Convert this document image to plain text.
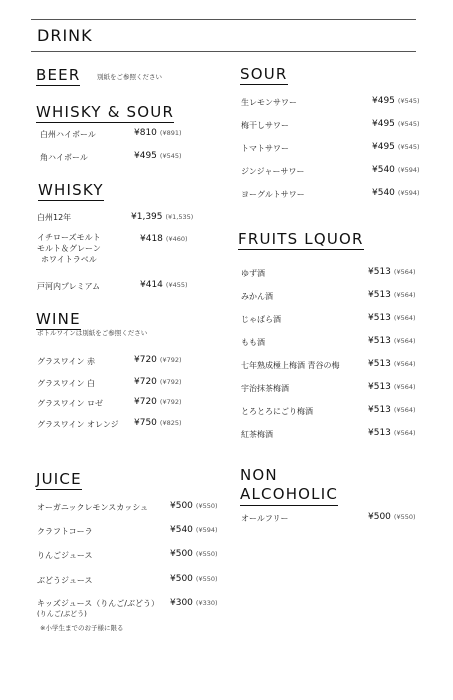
DRINK
BEER	別紙をご参照ください
WHISKY & SOUR
白州ハイボール	¥810 (¥891)
角ハイボール	¥495 (¥545)
WHISKY
白州12年	¥1,395 (¥1,535)
イチローズモルト
モルト＆グレーン
ホワイトラベル
¥418 (¥460)
戸河内プレミアム	¥414 (¥455)
WINE
ボトルワインは別紙をご参照ください
グラスワイン 赤	¥720 (¥792)
グラスワイン 白	¥720 (¥792)
グラスワイン ロゼ	¥720 (¥792)
グラスワイン オレンジ ¥750 (¥825)
SOUR
生レモンサワー	¥495 (¥545)
梅干しサワー	¥495 (¥545)
トマトサワー	¥495 (¥545)
ジンジャーサワー	¥540 (¥594)
ヨーグルトサワー	¥540 (¥594)
FRUITS LQUOR
ゆず酒	¥513 (¥564)
みかん酒	¥513 (¥564)
じゃばら酒	¥513 (¥564)
もも酒	¥513 (¥564)
七年熟成極上梅酒 青谷の梅	¥513 (¥564)
宇治抹茶梅酒	¥513 (¥564)
とろとろにごり梅酒	¥513 (¥564)
紅茶梅酒	¥513 (¥564)
JUICE
オーガニックレモンスカッシュ ¥500 (¥550)
クラフトコーラ	¥540 (¥594)
りんごジュース	¥500 (¥550)
ぶどうジュース	¥500 (¥550)
キッズジュース（りんご/ぶどう）
(りんご/ぶどう)
¥300 (¥330)
※小学生までのお子様に限る
NON
ALCOHOLIC
オールフリー	¥500 (¥550)
